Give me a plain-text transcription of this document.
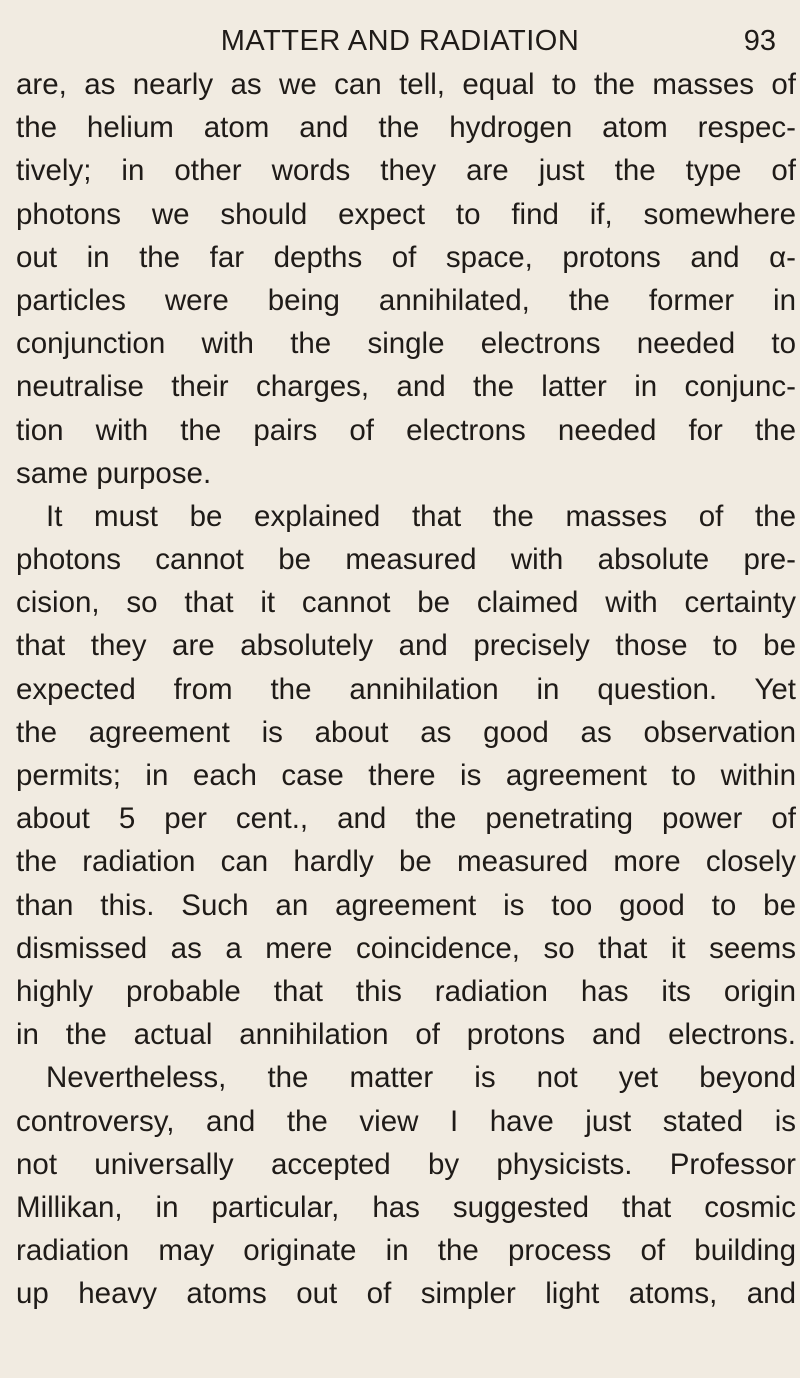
MATTER AND RADIATION	93
are, as nearly as we can tell, equal to the masses of
the helium atom and the hydrogen atom respec-
tively; in other words they are just the type of
photons we should expect to find if, somewhere
out in the far depths of space, protons and α-
particles were being annihilated, the former in
conjunction with the single electrons needed to
neutralise their charges, and the latter in conjunc-
tion with the pairs of electrons needed for the
same purpose.
It must be explained that the masses of the
photons cannot be measured with absolute pre-
cision, so that it cannot be claimed with certainty
that they are absolutely and precisely those to be
expected from the annihilation in question. Yet
the agreement is about as good as observation
permits; in each case there is agreement to within
about 5 per cent., and the penetrating power of
the radiation can hardly be measured more closely
than this. Such an agreement is too good to be
dismissed as a mere coincidence, so that it seems
highly probable that this radiation has its origin
in the actual annihilation of protons and electrons.
Nevertheless, the matter is not yet beyond
controversy, and the view I have just stated is
not universally accepted by physicists. Professor
Millikan, in particular, has suggested that cosmic
radiation may originate in the process of building
up heavy atoms out of simpler light atoms, and
